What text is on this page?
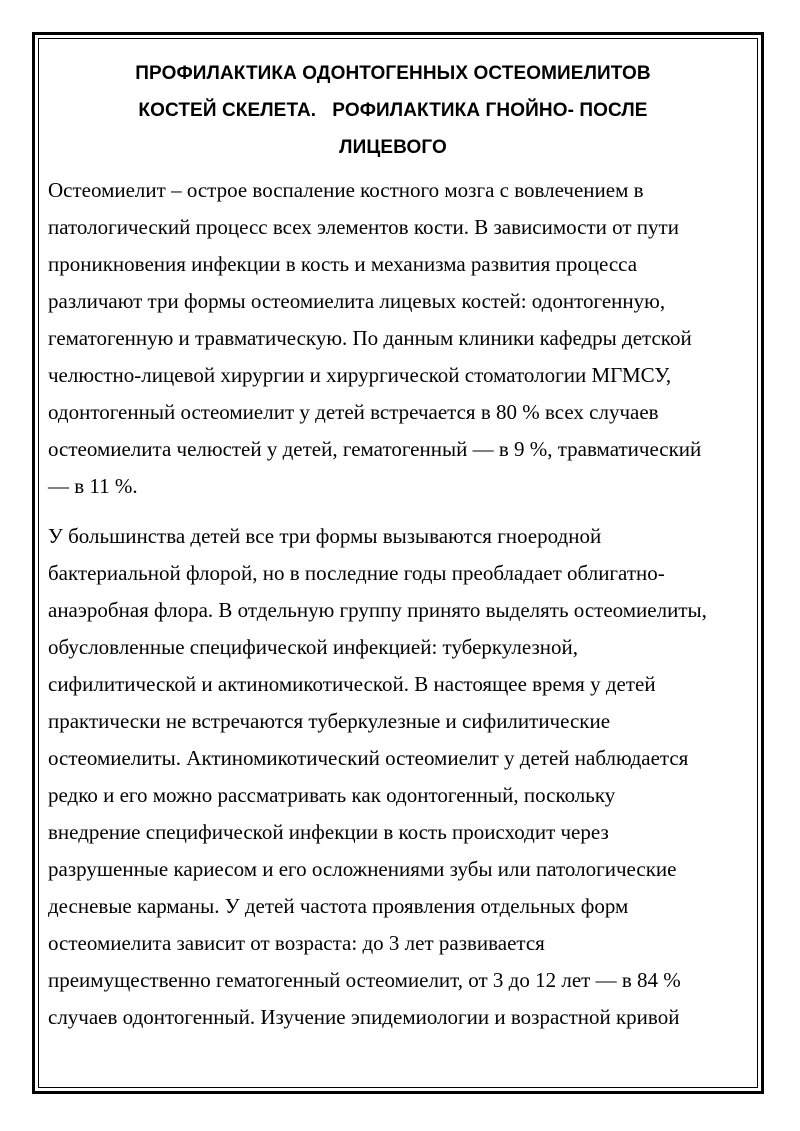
ПРОФИЛАКТИКА ОДОНТОГЕННЫХ ОСТЕОМИЕЛИТОВ
КОСТЕЙ СКЕЛЕТА.   РОФИЛАКТИКА ГНОЙНО- ПОСЛЕ
ЛИЦЕВОГО

Остеомиелит – острое воспаление костного мозга с вовлечением в
патологический процесс всех элементов кости. В зависимости от пути
проникновения инфекции в кость и механизма развития процесса
различают три формы остеомиелита лицевых костей: одонтогенную,
гематогенную и травматическую. По данным клиники кафедры детской
челюстно-лицевой хирургии и хирургической стоматологии МГМСУ,
одонтогенный остеомиелит у детей встречается в 80 % всех случаев
остеомиелита челюстей у детей, гематогенный — в 9 %, травматический
— в 11 %.

У большинства детей все три формы вызываются гноеродной
бактериальной флорой, но в последние годы преобладает облигатно-
анаэробная флора. В отдельную группу принято выделять остеомиелиты,
обусловленные специфической инфекцией: туберкулезной,
сифилитической и актиномикотической. В настоящее время у детей
практически не встречаются туберкулезные и сифилитические
остеомиелиты. Актиномикотический остеомиелит у детей наблюдается
редко и его можно рассматривать как одонтогенный, поскольку
внедрение специфической инфекции в кость происходит через
разрушенные кариесом и его осложнениями зубы или патологические
десневые карманы. У детей частота проявления отдельных форм
остеомиелита зависит от возраста: до 3 лет развивается
преимущественно гематогенный остеомиелит, от 3 до 12 лет — в 84 %
случаев одонтогенный. Изучение эпидемиологии и возрастной кривой
